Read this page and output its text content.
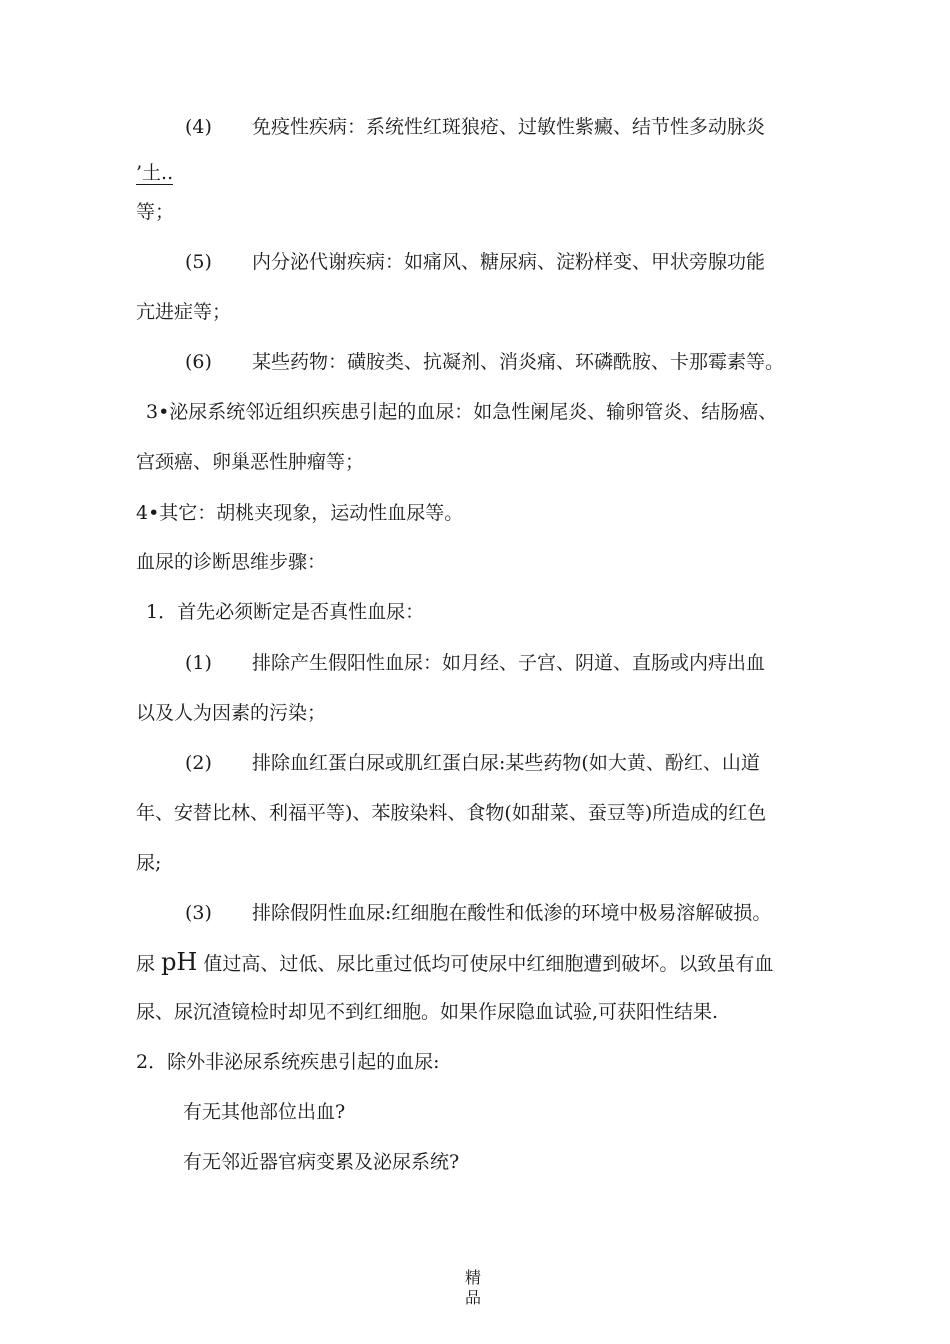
(4) 免疫性疾病：系统性红斑狼疮、过敏性紫癜、结节性多动脉炎
’土..
等；
(5) 内分泌代谢疾病：如痛风、糖尿病、淀粉样变、甲状旁腺功能
亢进症等；
(6) 某些药物：磺胺类、抗凝剂、消炎痛、环磷酰胺、卡那霉素等。
3•泌尿系统邻近组织疾患引起的血尿：如急性阑尾炎、输卵管炎、结肠癌、
宫颈癌、卵巢恶性肿瘤等；
4•其它：胡桃夹现象，运动性血尿等。
血尿的诊断思维步骤：
1．首先必须断定是否真性血尿：
(1) 排除产生假阳性血尿：如月经、子宫、阴道、直肠或内痔出血
以及人为因素的污染；
(2) 排除血红蛋白尿或肌红蛋白尿:某些药物(如大黄、酚红、山道
年、安替比林、利福平等)、苯胺染料、食物(如甜菜、蚕豆等)所造成的红色
尿;
(3) 排除假阴性血尿:红细胞在酸性和低渗的环境中极易溶解破损。
尿 pH 值过高、过低、尿比重过低均可使尿中红细胞遭到破坏。以致虽有血
尿、尿沉渣镜检时却见不到红细胞。如果作尿隐血试验,可获阳性结果.
2．除外非泌尿系统疾患引起的血尿:
有无其他部位出血?
有无邻近器官病变累及泌尿系统?
精
品
